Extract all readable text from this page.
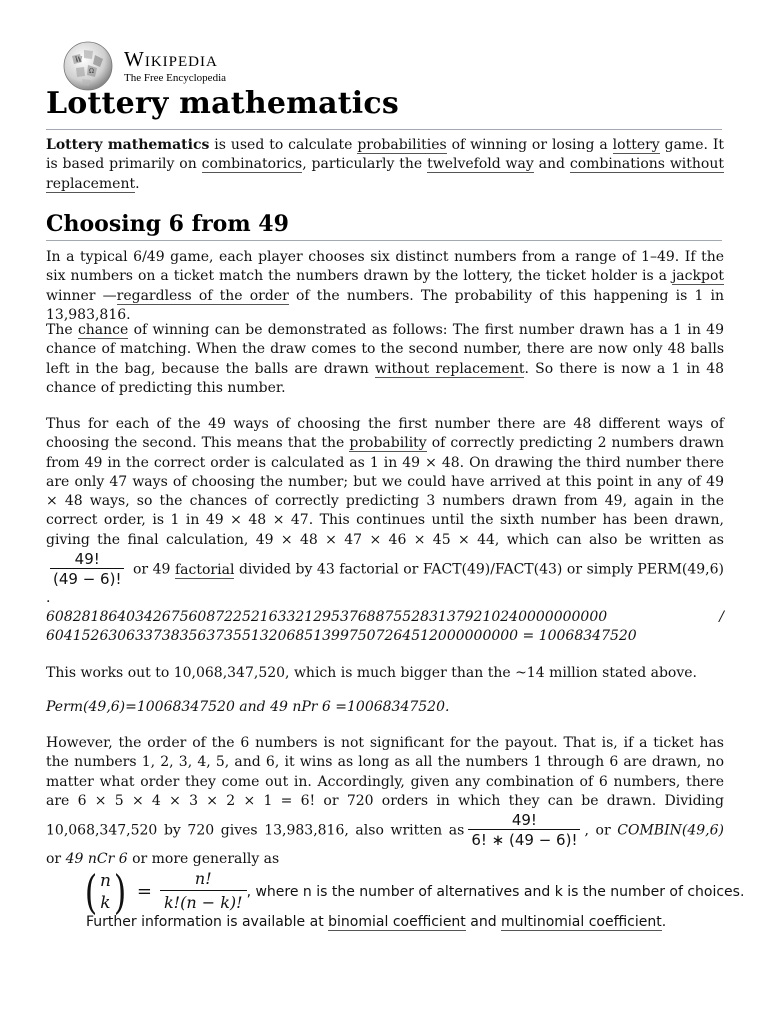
W
Ω
Wikipedia
The Free Encyclopedia
Lottery mathematics
Lottery mathematics is used to calculate probabilities of winning or losing a lottery game. It is based primarily on combinatorics, particularly the twelvefold way and combinations without replacement.
Choosing 6 from 49
In a typical 6/49 game, each player chooses six distinct numbers from a range of 1–49. If the six numbers on a ticket match the numbers drawn by the lottery, the ticket holder is a jackpot winner —regardless of the order of the numbers. The probability of this happening is 1 in 13,983,816.
The chance of winning can be demonstrated as follows: The first number drawn has a 1 in 49 chance of matching. When the draw comes to the second number, there are now only 48 balls left in the bag, because the balls are drawn without replacement. So there is now a 1 in 48 chance of predicting this number.
Thus for each of the 49 ways of choosing the first number there are 48 different ways of choosing the second. This means that the probability of correctly predicting 2 numbers drawn from 49 in the correct order is calculated as 1 in 49 × 48. On drawing the third number there are only 47 ways of choosing the number; but we could have arrived at this point in any of 49 × 48 ways, so the chances of correctly predicting 3 numbers drawn from 49, again in the correct order, is 1 in 49 × 48 × 47. This continues until the sixth number has been drawn, giving the final calculation, 49 × 48 × 47 × 46 × 45 × 44, which can also be written as
$\frac{49!}{(49 - 6)!}$ or 49 factorial divided by 43 factorial or FACT(49)/FACT(43) or simply PERM(49,6) .
608281864034267560872252163321295376887552831379210240000000000	/
60415263063373835637355132068513997507264512000000000 = 10068347520
This works out to 10,068,347,520, which is much bigger than the ~14 million stated above.
Perm(49,6)=10068347520 and 49 nPr 6 =10068347520.
However, the order of the 6 numbers is not significant for the payout. That is, if a ticket has the numbers 1, 2, 3, 4, 5, and 6, it wins as long as all the numbers 1 through 6 are drawn, no matter what order they come out in. Accordingly, given any combination of 6 numbers, there are 6 × 5 × 4 × 3 × 2 × 1 = 6! or 720 orders in which they can be drawn. Dividing 10,068,347,520 by 720 gives 13,983,816, also written as $\frac{49!}{6! ∗ (49 - 6)!}$ , or COMBIN(49,6) or 49 nCr 6 or more generally as
( n
k ) = $\frac{n!}{k!(n - k)!}$ , where n is the number of alternatives and k is the number of choices.
Further information is available at binomial coefficient and multinomial coefficient.
